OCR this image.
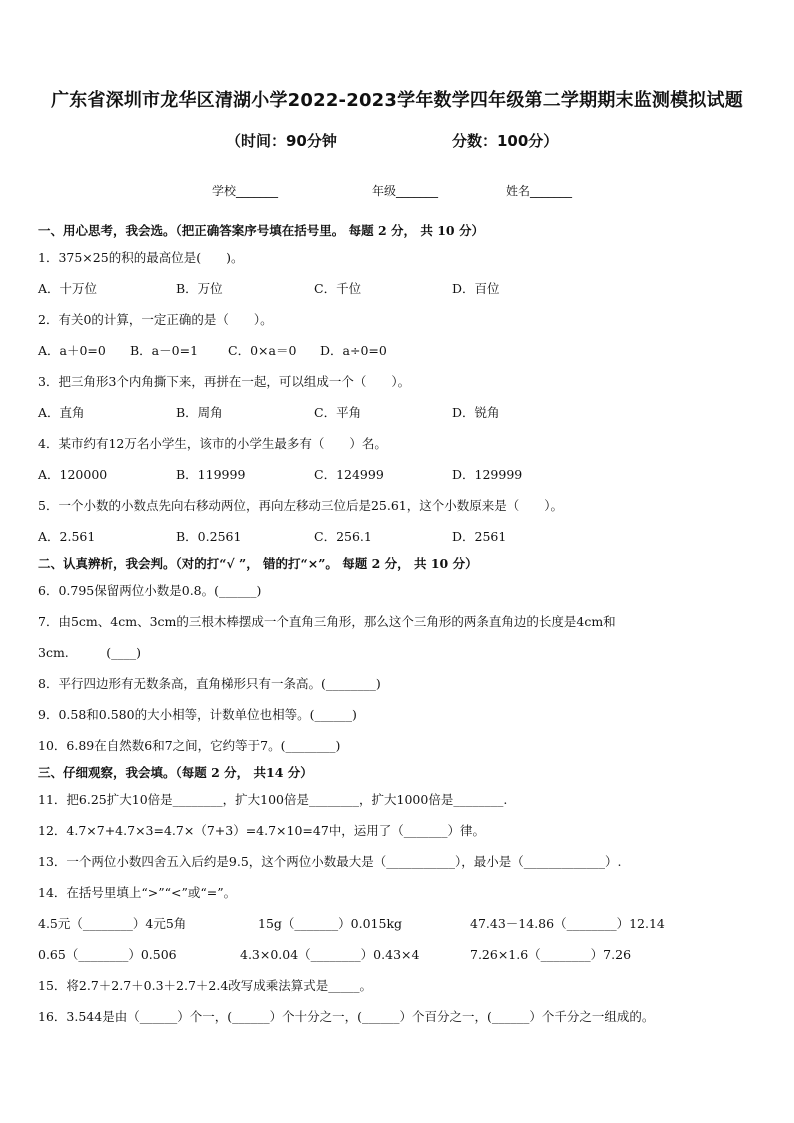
广东省深圳市龙华区清湖小学2022-2023学年数学四年级第二学期期末监测模拟试题
（时间：90分钟	分数：100分）
学校_______	年级_______	姓名_______
一、用心思考，我会选。（把正确答案序号填在括号里。 每题 2 分， 共 10 分）
1．375×25的积的最高位是(　　)。
A．十万位	B．万位	C．千位	D．百位
2．有关0的计算，一定正确的是（　　）。
A．a＋0=0 B．a－0=1 C．0×a＝0 D．a÷0=0
3．把三角形3个内角撕下来，再拼在一起，可以组成一个（　　）。
A．直角	B．周角	C．平角	D．锐角
4．某市约有12万名小学生，该市的小学生最多有（　　）名。
A．120000	B．119999	C．124999	D．129999
5．一个小数的小数点先向右移动两位，再向左移动三位后是25.61，这个小数原来是（　　）。
A．2.561	B．0.2561	C．256.1	D．2561
二、认真辨析，我会判。（对的打“√ ”， 错的打“×”。 每题 2 分， 共 10 分）
6．0.795保留两位小数是0.8。(______)
7．由5cm、4cm、3cm的三根木棒摆成一个直角三角形，那么这个三角形的两条直角边的长度是4cm和
3cm.　　　(____)
8．平行四边形有无数条高，直角梯形只有一条高。(________)
9．0.58和0.580的大小相等，计数单位也相等。(______)
10．6.89在自然数6和7之间，它约等于7。(________)
三、仔细观察，我会填。（每题 2 分， 共14 分）
11．把6.25扩大10倍是________，扩大100倍是________，扩大1000倍是________.
12．4.7×7+4.7×3=4.7×（7+3）=4.7×10=47中，运用了（_______）律。
13．一个两位小数四舍五入后约是9.5，这个两位小数最大是（___________），最小是（_____________）.
14．在括号里填上“>”“<”或“=”。
4.5元（________）4元5角	15g（_______）0.015kg	47.43－14.86（________）12.14
0.65（________）0.506	4.3×0.04（________）0.43×4	7.26×1.6（________）7.26
15．将2.7＋2.7＋0.3＋2.7＋2.4改写成乘法算式是_____。
16．3.544是由（______）个一，(______）个十分之一，(______）个百分之一，(______）个千分之一组成的。
